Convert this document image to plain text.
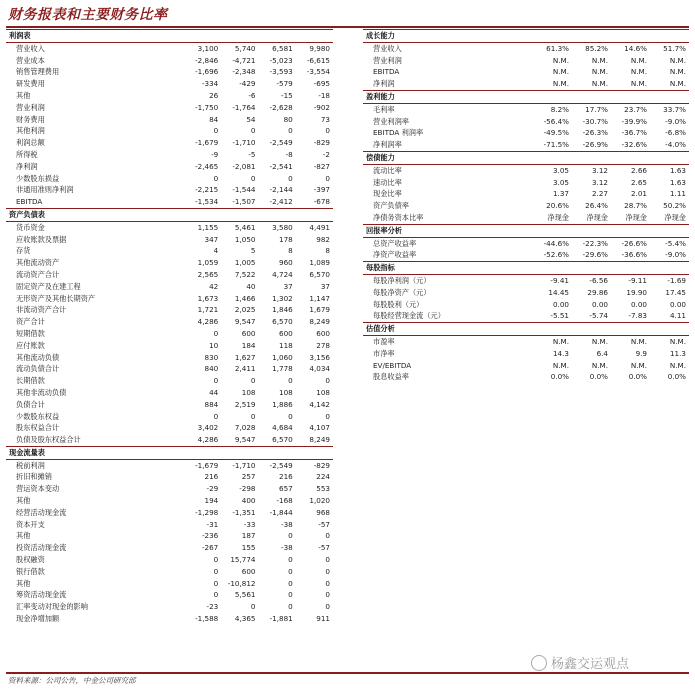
财务报表和主要财务比率
利润表				
营业收入	3,100	5,740	6,581	9,980
营业成本	-2,846	-4,721	-5,023	-6,615
销售管理费用	-1,696	-2,348	-3,593	-3,554
研发费用	-334	-429	-579	-695
其他	26	-6	-15	-18
营业利润	-1,750	-1,764	-2,628	-902
财务费用	84	54	80	73
其他利润	0	0	0	0
利润总额	-1,679	-1,710	-2,549	-829
所得税	-9	-5	-8	-2
净利润	-2,465	-2,081	-2,541	-827
少数股东损益	0	0	0	0
非通用准则净利润	-2,215	-1,544	-2,144	-397
EBITDA	-1,534	-1,507	-2,412	-678
资产负债表				
货币资金	1,155	5,461	3,580	4,491
应收账款及票据	347	1,050	178	982
存货	4	5	8	8
其他流动资产	1,059	1,005	960	1,089
流动资产合计	2,565	7,522	4,724	6,570
固定资产及在建工程	42	40	37	37
无形资产及其他长期资产	1,673	1,466	1,302	1,147
非流动资产合计	1,721	2,025	1,846	1,679
资产合计	4,286	9,547	6,570	8,249
短期借款	0	600	600	600
应付账款	10	184	118	278
其他流动负债	830	1,627	1,060	3,156
流动负债合计	840	2,411	1,778	4,034
长期借款	0	0	0	0
其他非流动负债	44	108	108	108
负债合计	884	2,519	1,886	4,142
少数股东权益	0	0	0	0
股东权益合计	3,402	7,028	4,684	4,107
负债及股东权益合计	4,286	9,547	6,570	8,249
现金流量表				
税前利润	-1,679	-1,710	-2,549	-829
折旧和摊销	216	257	216	224
营运资本变动	-29	-298	657	553
其他	194	400	-168	1,020
经营活动现金流	-1,298	-1,351	-1,844	968
资本开支	-31	-33	-38	-57
其他	-236	187	0	0
投资活动现金流	-267	155	-38	-57
股权融资	0	15,774	0	0
银行借款	0	600	0	0
其他	0	-10,812	0	0
筹资活动现金流	0	5,561	0	0
汇率变动对现金的影响	-23	0	0	0
现金净增加额	-1,588	4,365	-1,881	911
成长能力				
营业收入	61.3%	85.2%	14.6%	51.7%
营业利润	N.M.	N.M.	N.M.	N.M.
EBITDA	N.M.	N.M.	N.M.	N.M.
净利润	N.M.	N.M.	N.M.	N.M.
盈利能力				
毛利率	8.2%	17.7%	23.7%	33.7%
营业利润率	-56.4%	-30.7%	-39.9%	-9.0%
EBITDA 利润率	-49.5%	-26.3%	-36.7%	-6.8%
净利润率	-71.5%	-26.9%	-32.6%	-4.0%
偿债能力				
流动比率	3.05	3.12	2.66	1.63
速动比率	3.05	3.12	2.65	1.63
现金比率	1.37	2.27	2.01	1.11
资产负债率	20.6%	26.4%	28.7%	50.2%
净债务资本比率	净现金	净现金	净现金	净现金
回报率分析				
总资产收益率	-44.6%	-22.3%	-26.6%	-5.4%
净资产收益率	-52.6%	-29.6%	-36.6%	-9.0%
每股指标				
每股净利润（元）	-9.41	-6.56	-9.11	-1.69
每股净资产（元）	14.45	29.86	19.90	17.45
每股股利（元）	0.00	0.00	0.00	0.00
每股经营现金流（元）	-5.51	-5.74	-7.83	4.11
估值分析				
市盈率	N.M.	N.M.	N.M.	N.M.
市净率	14.3	6.4	9.9	11.3
EV/EBITDA	N.M.	N.M.	N.M.	N.M.
股息收益率	0.0%	0.0%	0.0%	0.0%
资料来源：公司公告，中金公司研究部
杨鑫交运观点
